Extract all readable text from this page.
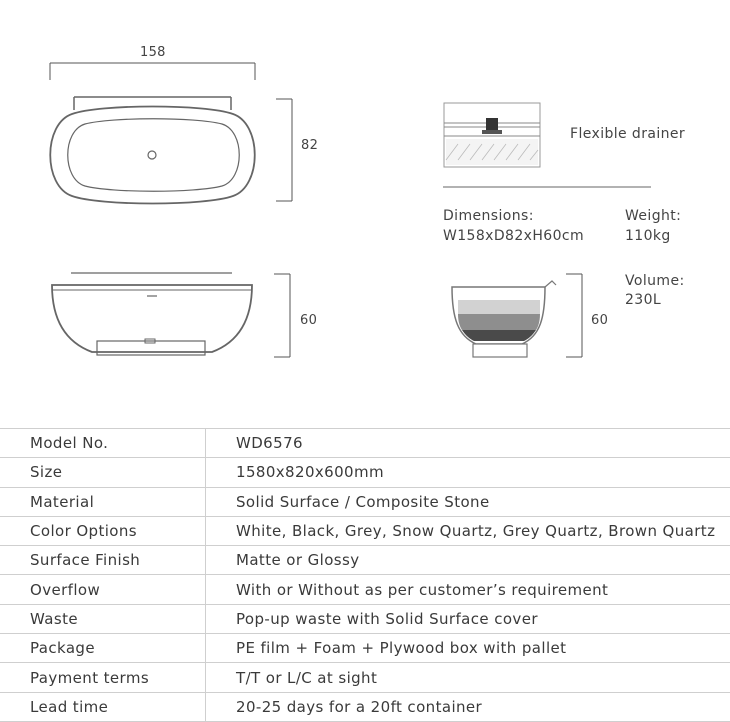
158
82
60	60
Flexible drainer
Dimensions:
W158xD82xH60cm
Weight:
110kg
Volume:
230L
Model No.	WD6576
Size	1580x820x600mm
Material	Solid Surface / Composite Stone
Color Options	White, Black, Grey, Snow Quartz, Grey Quartz, Brown Quartz
Surface Finish	Matte or Glossy
Overflow	With or Without as per customer’s requirement
Waste	Pop-up waste with Solid Surface cover
Package	PE film + Foam + Plywood box with pallet
Payment terms	T/T or L/C at sight
Lead time	20-25 days for a 20ft container
